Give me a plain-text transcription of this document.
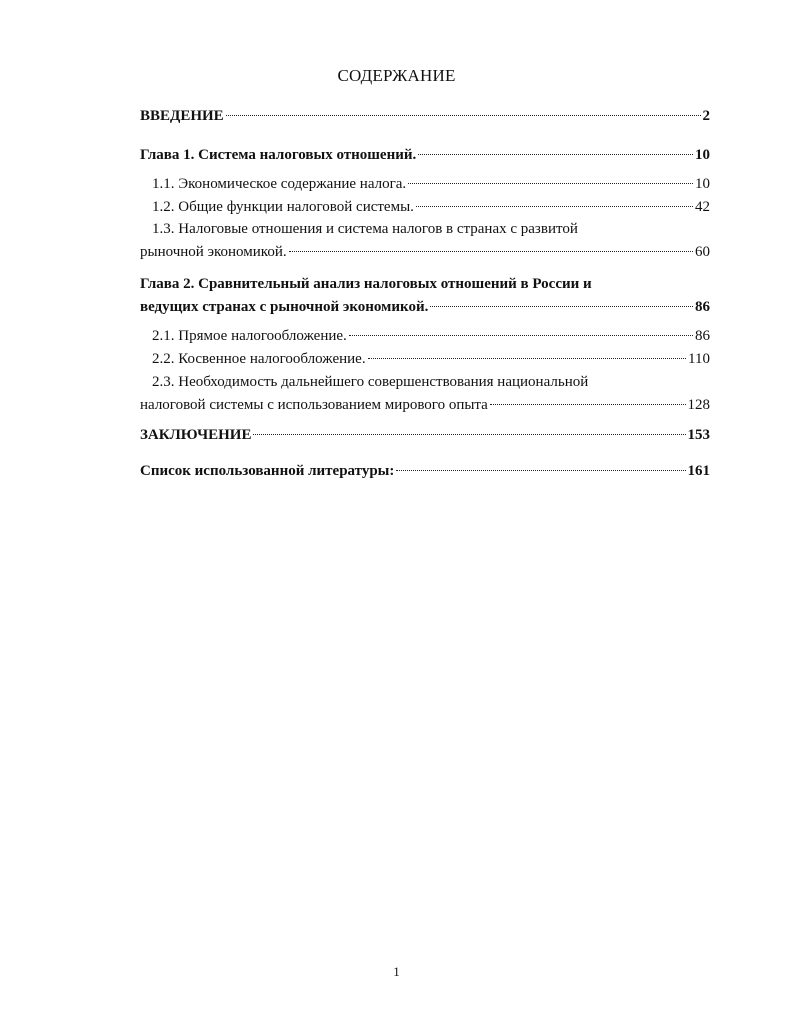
СОДЕРЖАНИЕ
ВВЕДЕНИЕ	2
Глава 1. Система налоговых отношений.	10
1.1. Экономическое содержание налога.	10
1.2. Общие функции налоговой системы.	42
1.3. Налоговые отношения и система налогов в странах с развитой
рыночной экономикой.	60
Глава 2. Сравнительный анализ налоговых отношений в России и
ведущих странах с рыночной экономикой.	86
2.1. Прямое налогообложение.	86
2.2. Косвенное налогообложение.	110
2.3. Необходимость дальнейшего совершенствования национальной
налоговой системы с использованием мирового опыта	128
ЗАКЛЮЧЕНИЕ	153
Список использованной литературы:	161
1
